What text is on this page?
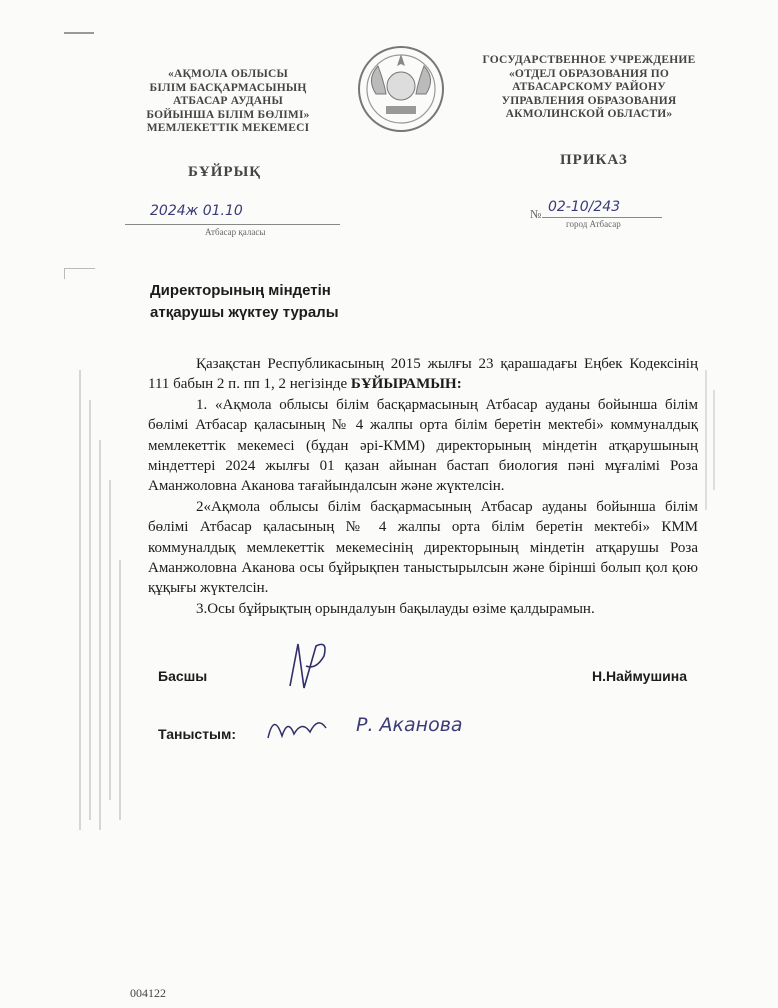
«АҚМОЛА ОБЛЫСЫ
БІЛІМ БАСҚАРМАСЫНЫҢ
АТБАСАР АУДАНЫ
БОЙЫНША БІЛІМ БӨЛІМІ»
МЕМЛЕКЕТТІК МЕКЕМЕСІ
ГОСУДАРСТВЕННОЕ УЧРЕЖДЕНИЕ
«ОТДЕЛ ОБРАЗОВАНИЯ ПО
АТБАСАРСКОМУ РАЙОНУ
УПРАВЛЕНИЯ ОБРАЗОВАНИЯ
АКМОЛИНСКОЙ ОБЛАСТИ»
БҰЙРЫҚ
ПРИКАЗ
2024ж 01.10
Атбасар қаласы
№ 02-10/243
город Атбасар
Директорының міндетін
атқарушы жүктеу туралы

Қазақстан Республикасының 2015 жылғы 23 қарашадағы Еңбек Кодексінің 111 бабын 2 п. пп 1, 2 негізінде БҰЙЫРАМЫН:

1. «Ақмола облысы білім басқармасының Атбасар ауданы бойынша білім бөлімі Атбасар қаласының № 4 жалпы орта білім беретін мектебі» коммуналдық мемлекеттік мекемесі (бұдан әрі-КММ) директорының міндетін атқарушының міндеттері 2024 жылғы 01 қазан айынан бастап биология пәні мұғалімі Роза Аманжоловна Аканова тағайындалсын және жүктелсін.

2«Ақмола облысы білім басқармасының Атбасар ауданы бойынша білім бөлімі Атбасар қаласының № 4 жалпы орта білім беретін мектебі» КММ коммуналдық мемлекеттік мекемесінің директорының міндетін атқарушы Роза Аманжоловна Аканова осы бұйрықпен таныстырылсын және бірінші болып қол қою құқығы жүктелсін.

3.Осы бұйрықтың орындалуын бақылауды өзіме қалдырамын.

Басшы	Н.Наймушина
Таныстым:	Р. Аканова
004122
